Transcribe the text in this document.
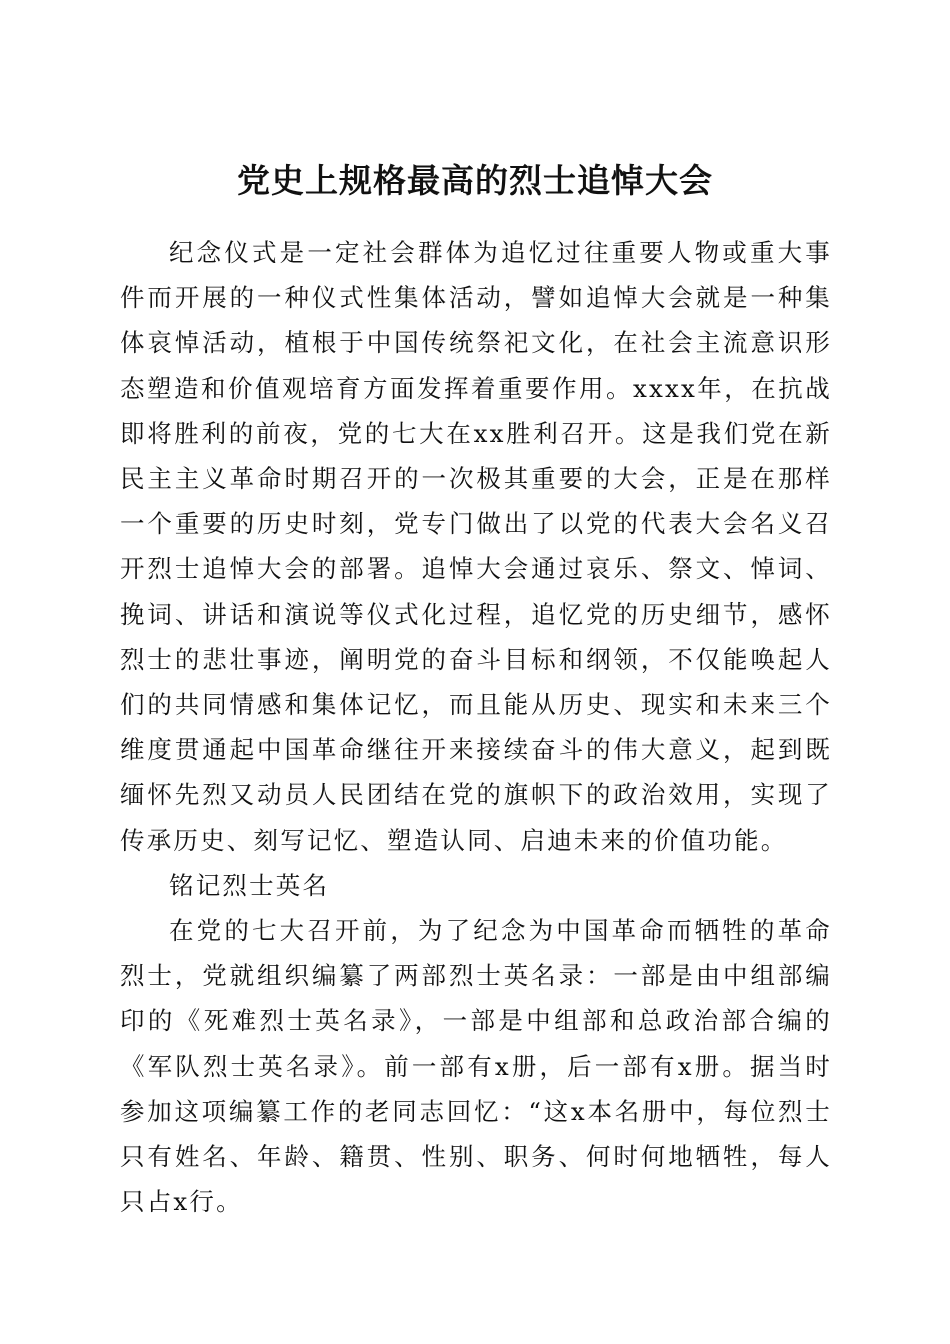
党史上规格最高的烈士追悼大会

纪念仪式是一定社会群体为追忆过往重要人物或重大事件而开展的一种仪式性集体活动，譬如追悼大会就是一种集体哀悼活动，植根于中国传统祭祀文化，在社会主流意识形态塑造和价值观培育方面发挥着重要作用。xxxx年，在抗战即将胜利的前夜，党的七大在xx胜利召开。这是我们党在新民主主义革命时期召开的一次极其重要的大会，正是在那样一个重要的历史时刻，党专门做出了以党的代表大会名义召开烈士追悼大会的部署。追悼大会通过哀乐、祭文、悼词、挽词、讲话和演说等仪式化过程，追忆党的历史细节，感怀烈士的悲壮事迹，阐明党的奋斗目标和纲领，不仅能唤起人们的共同情感和集体记忆，而且能从历史、现实和未来三个维度贯通起中国革命继往开来接续奋斗的伟大意义，起到既缅怀先烈又动员人民团结在党的旗帜下的政治效用，实现了传承历史、刻写记忆、塑造认同、启迪未来的价值功能。

铭记烈士英名

在党的七大召开前，为了纪念为中国革命而牺牲的革命烈士，党就组织编纂了两部烈士英名录：一部是由中组部编印的《死难烈士英名录》，一部是中组部和总政治部合编的《军队烈士英名录》。前一部有x册，后一部有x册。据当时参加这项编纂工作的老同志回忆：“这x本名册中，每位烈士只有姓名、年龄、籍贯、性别、职务、何时何地牺牲，每人只占x行。
